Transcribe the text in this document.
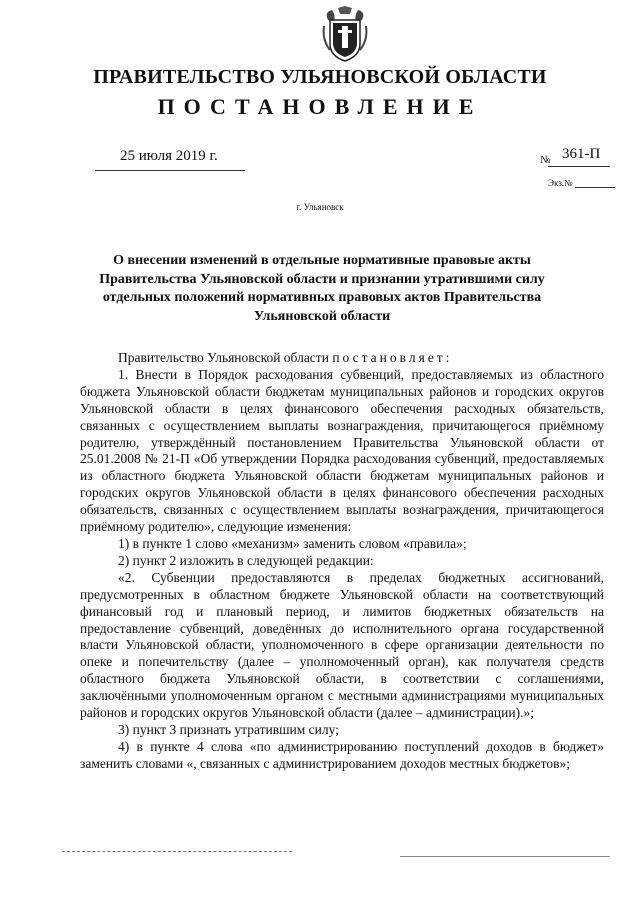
ПРАВИТЕЛЬСТВО УЛЬЯНОВСКОЙ ОБЛАСТИ
ПОСТАНОВЛЕНИЕ
25 июля 2019 г.	№ 361-П
Экз.№
г. Ульяновск
О внесении изменений в отдельные нормативные правовые акты Правительства Ульяновской области и признании утратившими силу отдельных положений нормативных правовых актов Правительства Ульяновской области

Правительство Ульяновской области постановляет:

1. Внести в Порядок расходования субвенций, предоставляемых из областного бюджета Ульяновской области бюджетам муниципальных районов и городских округов Ульяновской области в целях финансового обеспечения расходных обязательств, связанных с осуществлением выплаты вознаграждения, причитающегося приёмному родителю, утверждённый постановлением Правительства Ульяновской области от 25.01.2008 № 21-П «Об утверждении Порядка расходования субвенций, предоставляемых из областного бюджета Ульяновской области бюджетам муниципальных районов и городских округов Ульяновской области в целях финансового обеспечения расходных обязательств, связанных с осуществлением выплаты вознаграждения, причитающегося приёмному родителю», следующие изменения:

1) в пункте 1 слово «механизм» заменить словом «правила»;

2) пункт 2 изложить в следующей редакции:

«2. Субвенции предоставляются в пределах бюджетных ассигнований, предусмотренных в областном бюджете Ульяновской области на соответствующий финансовый год и плановый период, и лимитов бюджетных обязательств на предоставление субвенций, доведённых до исполнительного органа государственной власти Ульяновской области, уполномоченного в сфере организации деятельности по опеке и попечительству (далее – уполномоченный орган), как получателя средств областного бюджета Ульяновской области, в соответствии с соглашениями, заключёнными уполномоченным органом с местными администрациями муниципальных районов и городских округов Ульяновской области (далее – администрации).»;

3) пункт 3 признать утратившим силу;

4) в пункте 4 слова «по администрированию поступлений доходов в бюджет» заменить словами «, связанных с администрированием доходов местных бюджетов»;
